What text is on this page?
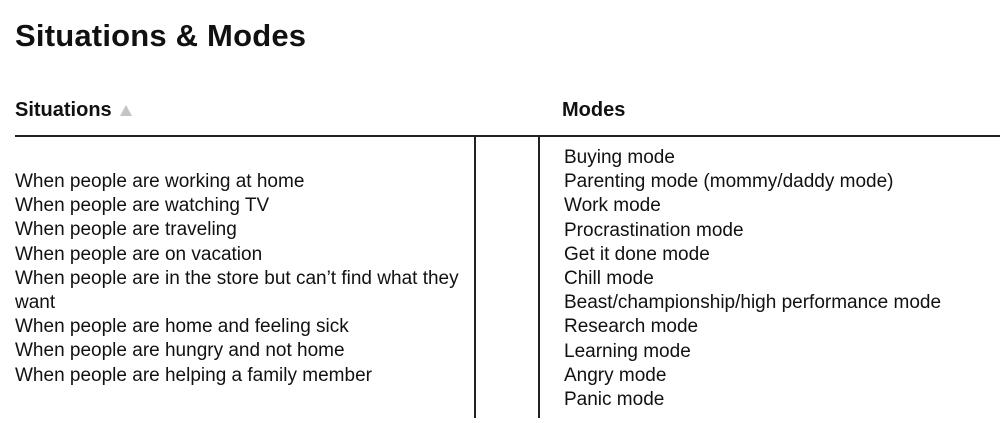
Situations & Modes
Situations	Modes
When people are working at home
When people are watching TV
When people are traveling
When people are on vacation
When people are in the store but can’t find what they want
When people are home and feeling sick
When people are hungry and not home
When people are helping a family member
Buying mode
Parenting mode (mommy/daddy mode)
Work mode
Procrastination mode
Get it done mode
Chill mode
Beast/championship/high performance mode
Research mode
Learning mode
Angry mode
Panic mode
